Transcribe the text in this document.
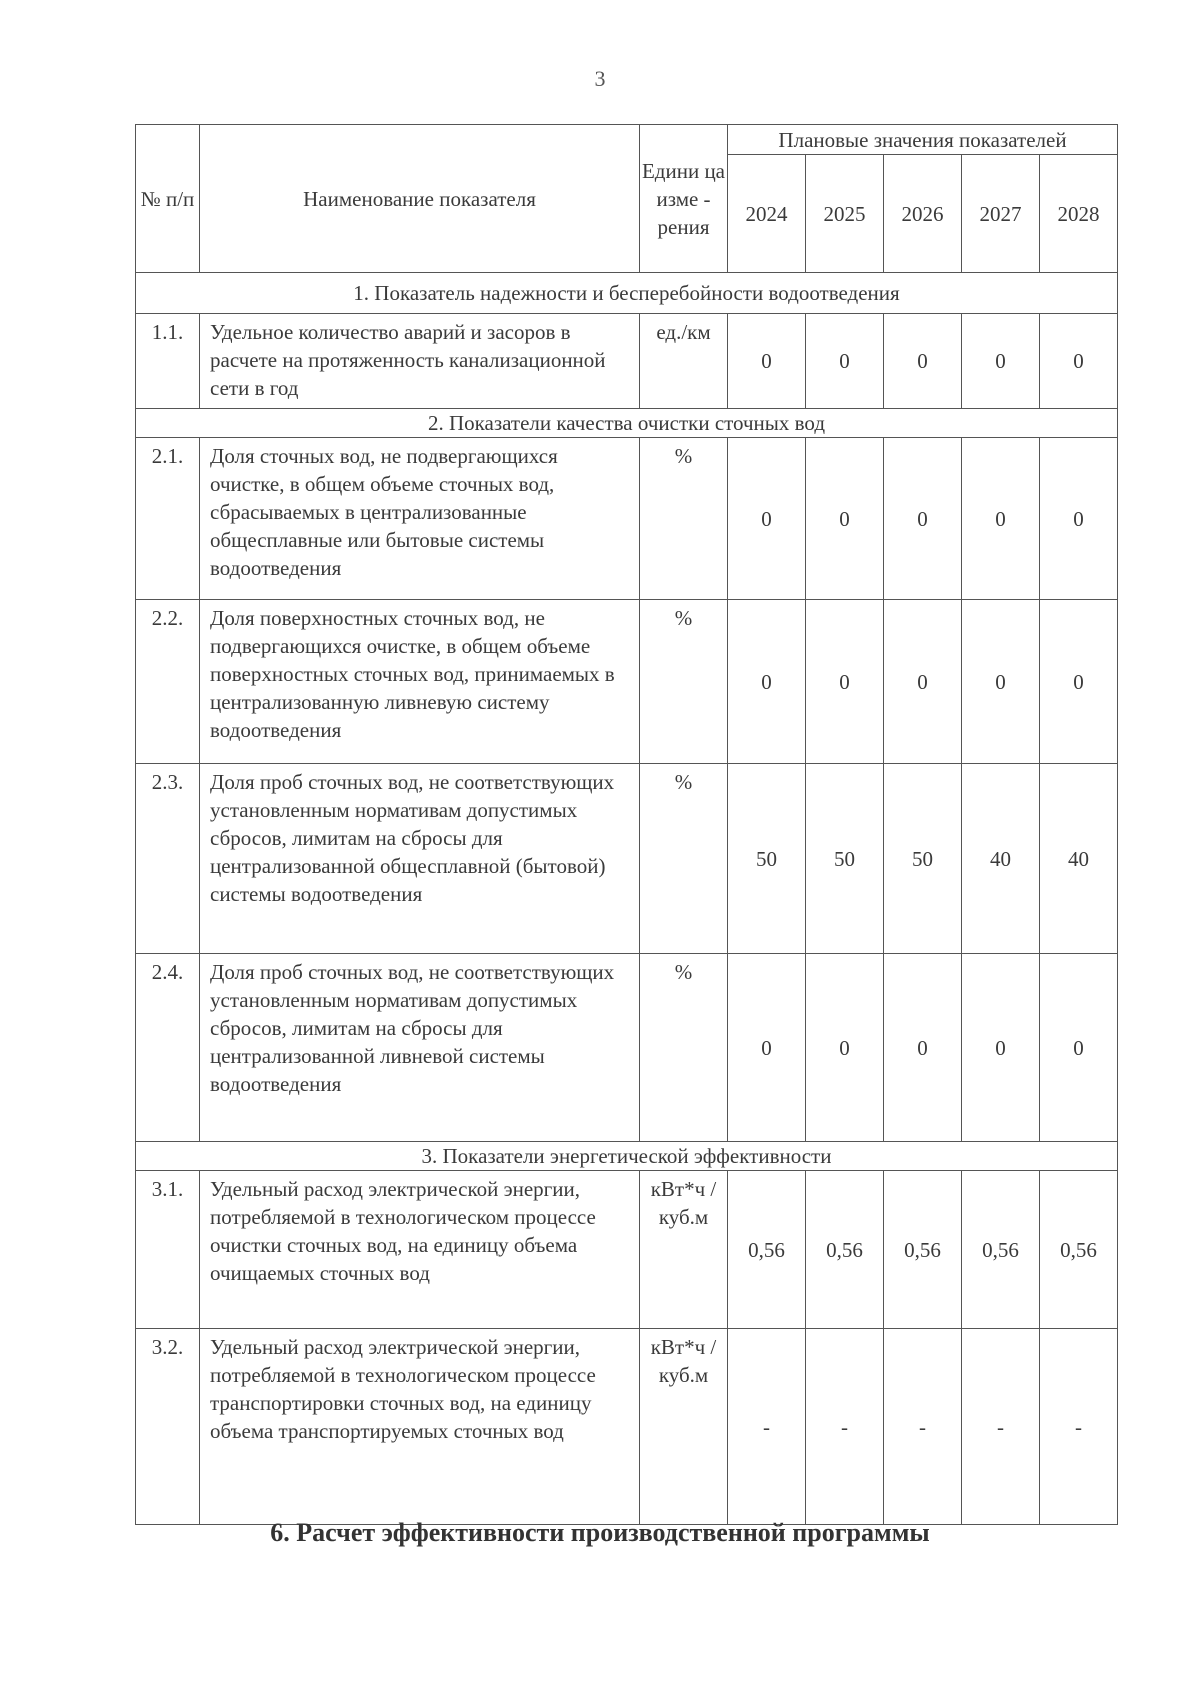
3
№ п/п	Наименование показателя	Едини ца изме - рения	Плановые значения показателей				
			2024	2025	2026	2027	2028
1. Показатель надежности и бесперебойности водоотведения							
1.1.	Удельное количество аварий и засоров в расчете на протяженность канализационной сети в год	ед./км	0	0	0	0	0
2. Показатели качества очистки сточных вод							
2.1.	Доля сточных вод, не подвергающихся очистке, в общем объеме сточных вод, сбрасываемых в централизованные общесплавные или бытовые системы водоотведения	%	0	0	0	0	0
2.2.	Доля поверхностных сточных вод, не подвергающихся очистке, в общем объеме поверхностных сточных вод, принимаемых в централизованную ливневую систему водоотведения	%	0	0	0	0	0
2.3.	Доля проб сточных вод, не соответствующих установленным нормативам допустимых сбросов, лимитам на сбросы для централизованной общесплавной (бытовой) системы водоотведения	%	50	50	50	40	40
2.4.	Доля проб сточных вод, не соответствующих установленным нормативам допустимых сбросов, лимитам на сбросы для централизованной ливневой системы водоотведения	%	0	0	0	0	0
3. Показатели энергетической эффективности							
3.1.	Удельный расход электрической энергии, потребляемой в технологическом процессе очистки сточных вод, на единицу объема очищаемых сточных вод	кВт*ч /куб.м	0,56	0,56	0,56	0,56	0,56
3.2.	Удельный расход электрической энергии, потребляемой в технологическом процессе транспортировки сточных вод, на единицу объема транспортируемых сточных вод	кВт*ч /куб.м	-	-	-	-	-
6. Расчет эффективности производственной программы
